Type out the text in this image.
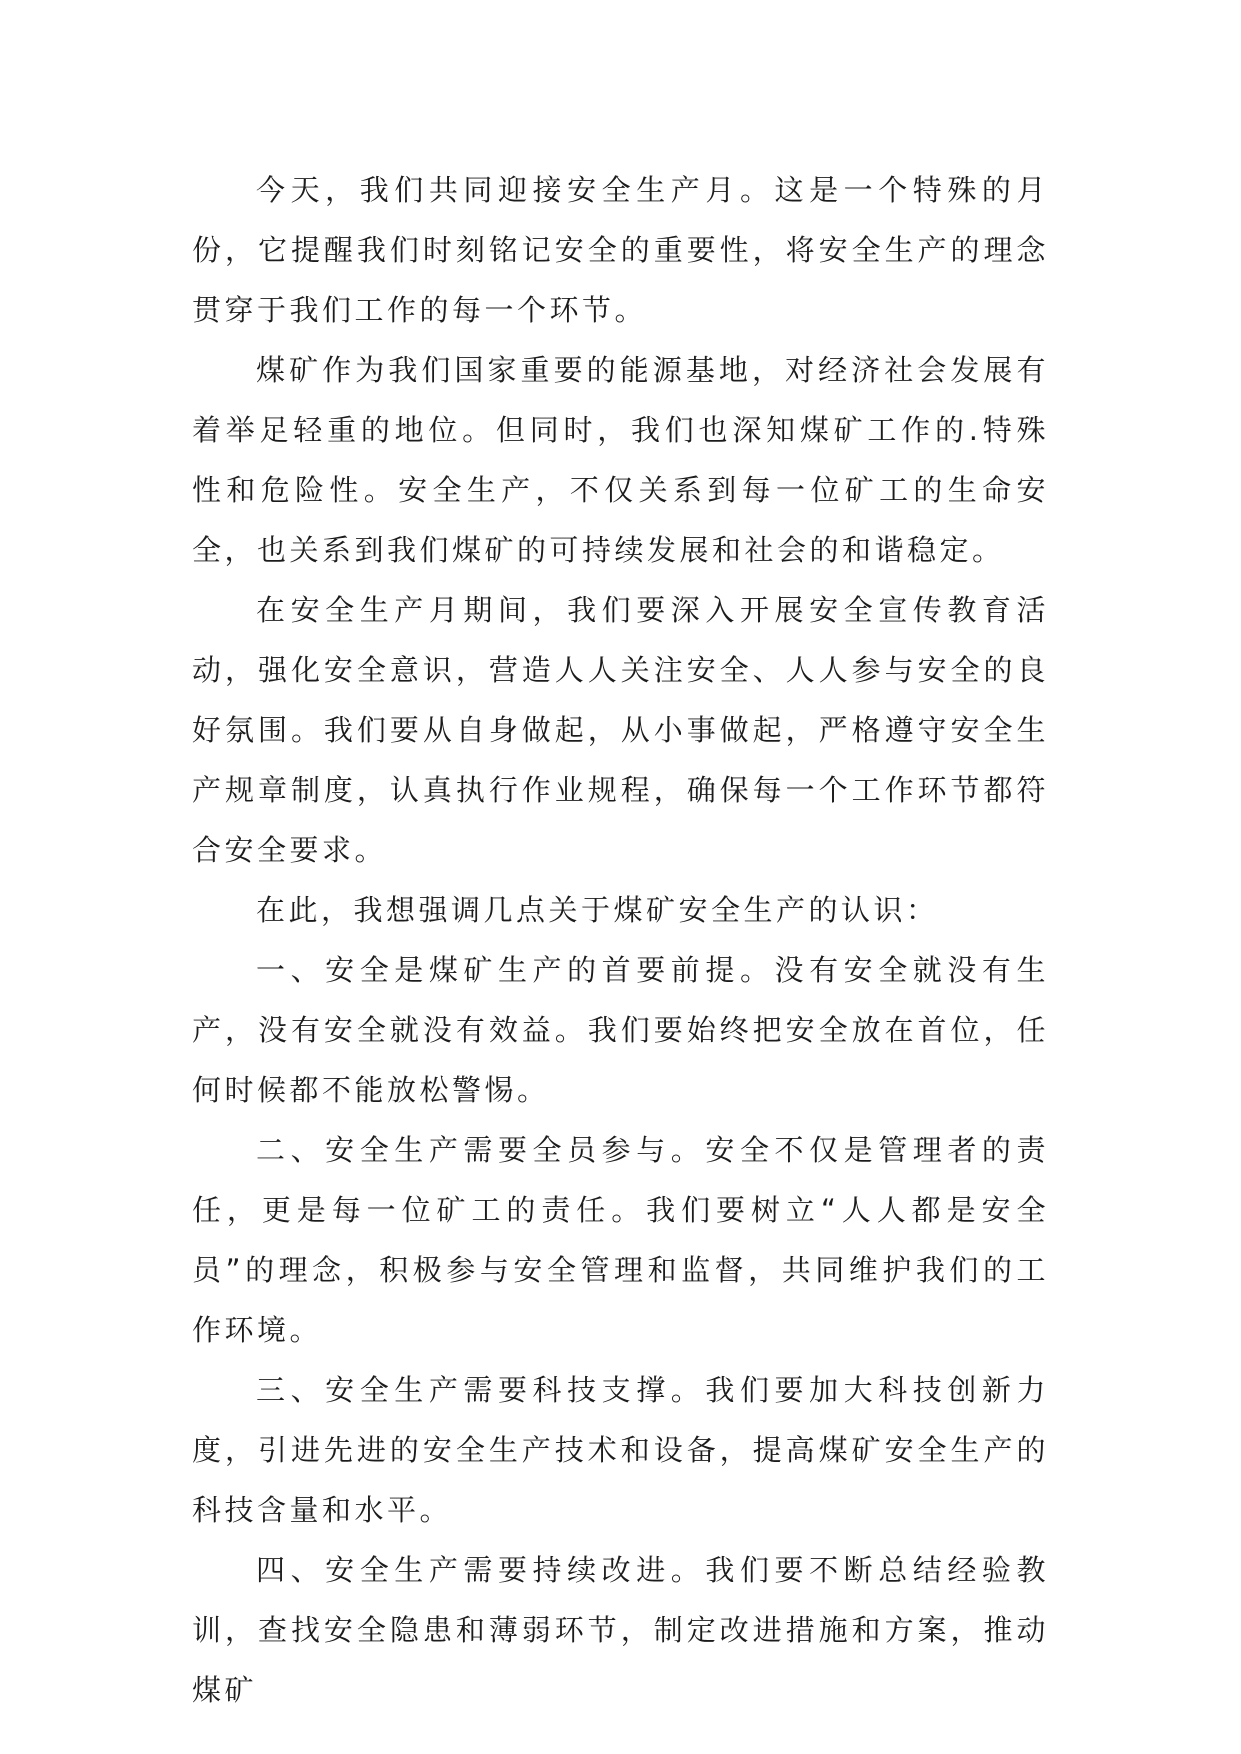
今天，我们共同迎接安全生产月。这是一个特殊的月份，它提醒我们时刻铭记安全的重要性，将安全生产的理念贯穿于我们工作的每一个环节。

煤矿作为我们国家重要的能源基地，对经济社会发展有着举足轻重的地位。但同时，我们也深知煤矿工作的.特殊性和危险性。安全生产，不仅关系到每一位矿工的生命安全，也关系到我们煤矿的可持续发展和社会的和谐稳定。

在安全生产月期间，我们要深入开展安全宣传教育活动，强化安全意识，营造人人关注安全、人人参与安全的良好氛围。我们要从自身做起，从小事做起，严格遵守安全生产规章制度，认真执行作业规程，确保每一个工作环节都符合安全要求。

在此，我想强调几点关于煤矿安全生产的认识：

一、安全是煤矿生产的首要前提。没有安全就没有生产，没有安全就没有效益。我们要始终把安全放在首位，任何时候都不能放松警惕。

二、安全生产需要全员参与。安全不仅是管理者的责任，更是每一位矿工的责任。我们要树立“人人都是安全员”的理念，积极参与安全管理和监督，共同维护我们的工作环境。

三、安全生产需要科技支撑。我们要加大科技创新力度，引进先进的安全生产技术和设备，提高煤矿安全生产的科技含量和水平。

四、安全生产需要持续改进。我们要不断总结经验教训，查找安全隐患和薄弱环节，制定改进措施和方案，推动煤矿
